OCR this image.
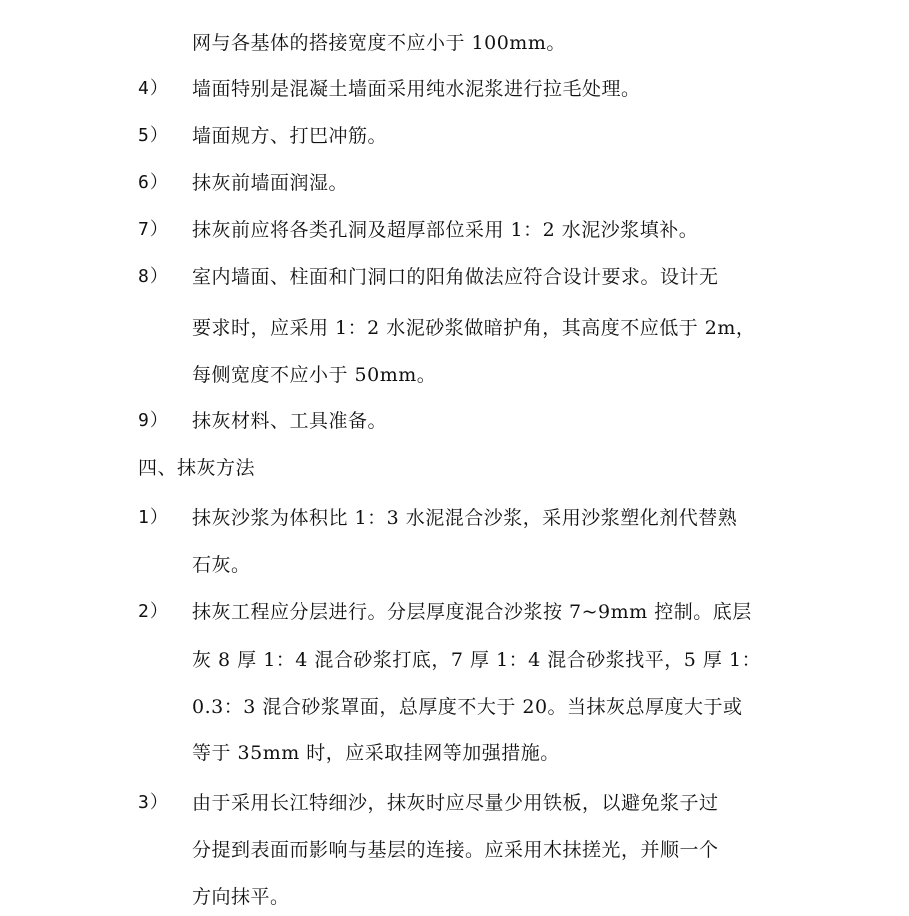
网与各基体的搭接宽度不应小于 100mm。
4） 墙面特别是混凝土墙面采用纯水泥浆进行拉毛处理。
5） 墙面规方、打巴冲筋。
6） 抹灰前墙面润湿。
7） 抹灰前应将各类孔洞及超厚部位采用 1：2 水泥沙浆填补。
8） 室内墙面、柱面和门洞口的阳角做法应符合设计要求。设计无
要求时，应采用 1：2 水泥砂浆做暗护角，其高度不应低于 2m，
每侧宽度不应小于 50mm。
9） 抹灰材料、工具准备。
四、抹灰方法
1） 抹灰沙浆为体积比 1：3 水泥混合沙浆，采用沙浆塑化剂代替熟
石灰。
2） 抹灰工程应分层进行。分层厚度混合沙浆按 7~9mm 控制。底层
灰 8 厚 1：4 混合砂浆打底，7 厚 1：4 混合砂浆找平，5 厚 1：
0.3：3 混合砂浆罩面，总厚度不大于 20。当抹灰总厚度大于或
等于 35mm 时，应采取挂网等加强措施。
3） 由于采用长江特细沙，抹灰时应尽量少用铁板，以避免浆子过
分提到表面而影响与基层的连接。应采用木抹搓光，并顺一个
方向抹平。
